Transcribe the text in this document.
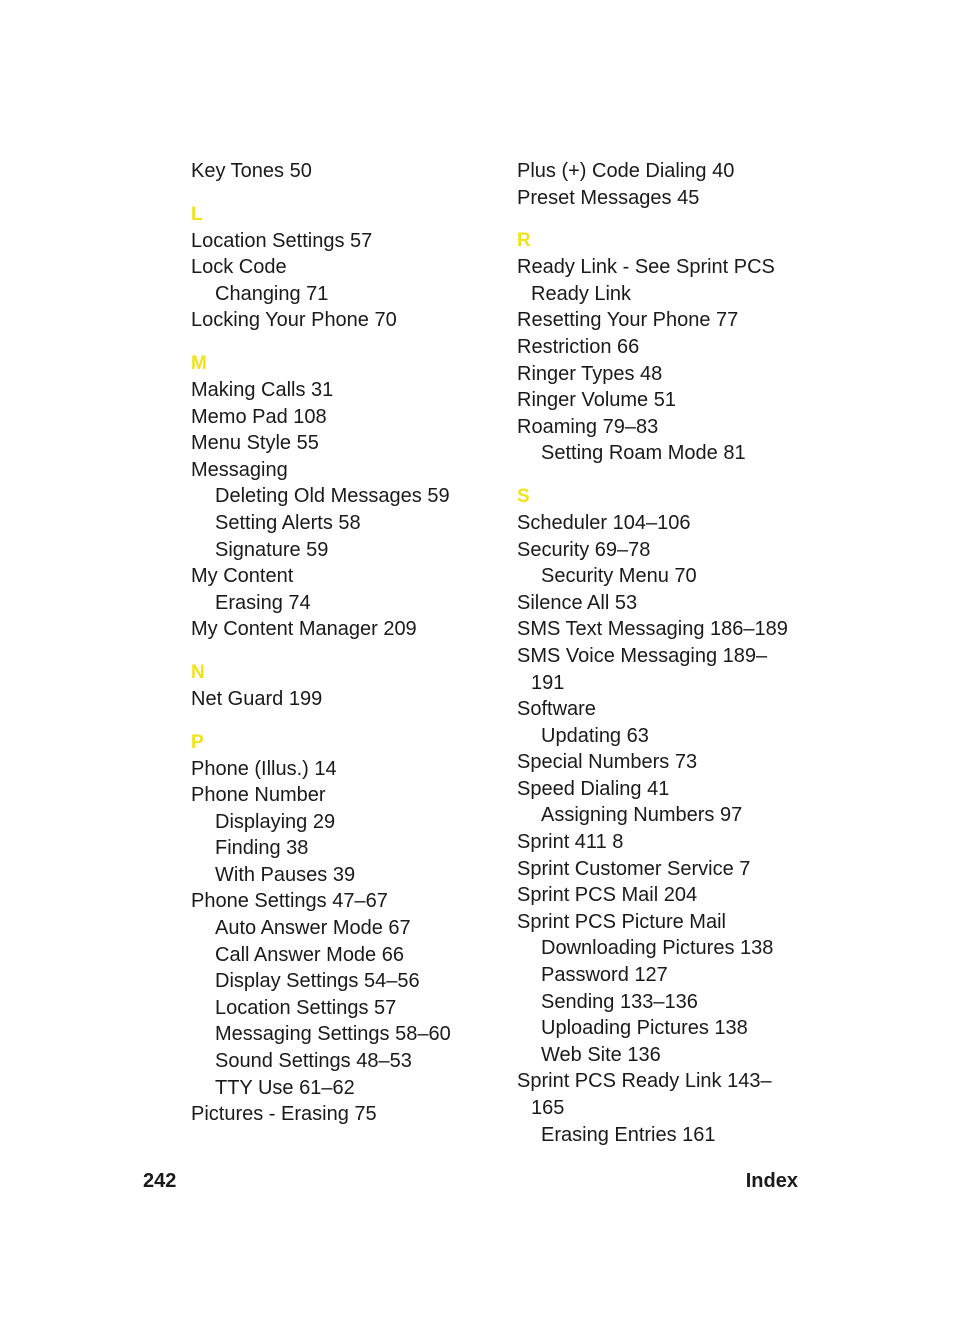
Key Tones 50
L
Location Settings 57
Lock Code
Changing 71
Locking Your Phone 70
M
Making Calls 31
Memo Pad 108
Menu Style 55
Messaging
Deleting Old Messages 59
Setting Alerts 58
Signature 59
My Content
Erasing 74
My Content Manager 209
N
Net Guard 199
P
Phone (Illus.) 14
Phone Number
Displaying 29
Finding 38
With Pauses 39
Phone Settings 47–67
Auto Answer Mode 67
Call Answer Mode 66
Display Settings 54–56
Location Settings 57
Messaging Settings 58–60
Sound Settings 48–53
TTY Use 61–62
Pictures - Erasing 75
Plus (+) Code Dialing 40
Preset Messages 45
R
Ready Link - See Sprint PCS
Ready Link
Resetting Your Phone 77
Restriction 66
Ringer Types 48
Ringer Volume 51
Roaming 79–83
Setting Roam Mode 81
S
Scheduler 104–106
Security 69–78
Security Menu 70
Silence All 53
SMS Text Messaging 186–189
SMS Voice Messaging 189–
191
Software
Updating 63
Special Numbers 73
Speed Dialing 41
Assigning Numbers 97
Sprint 411 8
Sprint Customer Service 7
Sprint PCS Mail 204
Sprint PCS Picture Mail
Downloading Pictures 138
Password 127
Sending 133–136
Uploading Pictures 138
Web Site 136
Sprint PCS Ready Link 143–
165
Erasing Entries 161
242	Index
